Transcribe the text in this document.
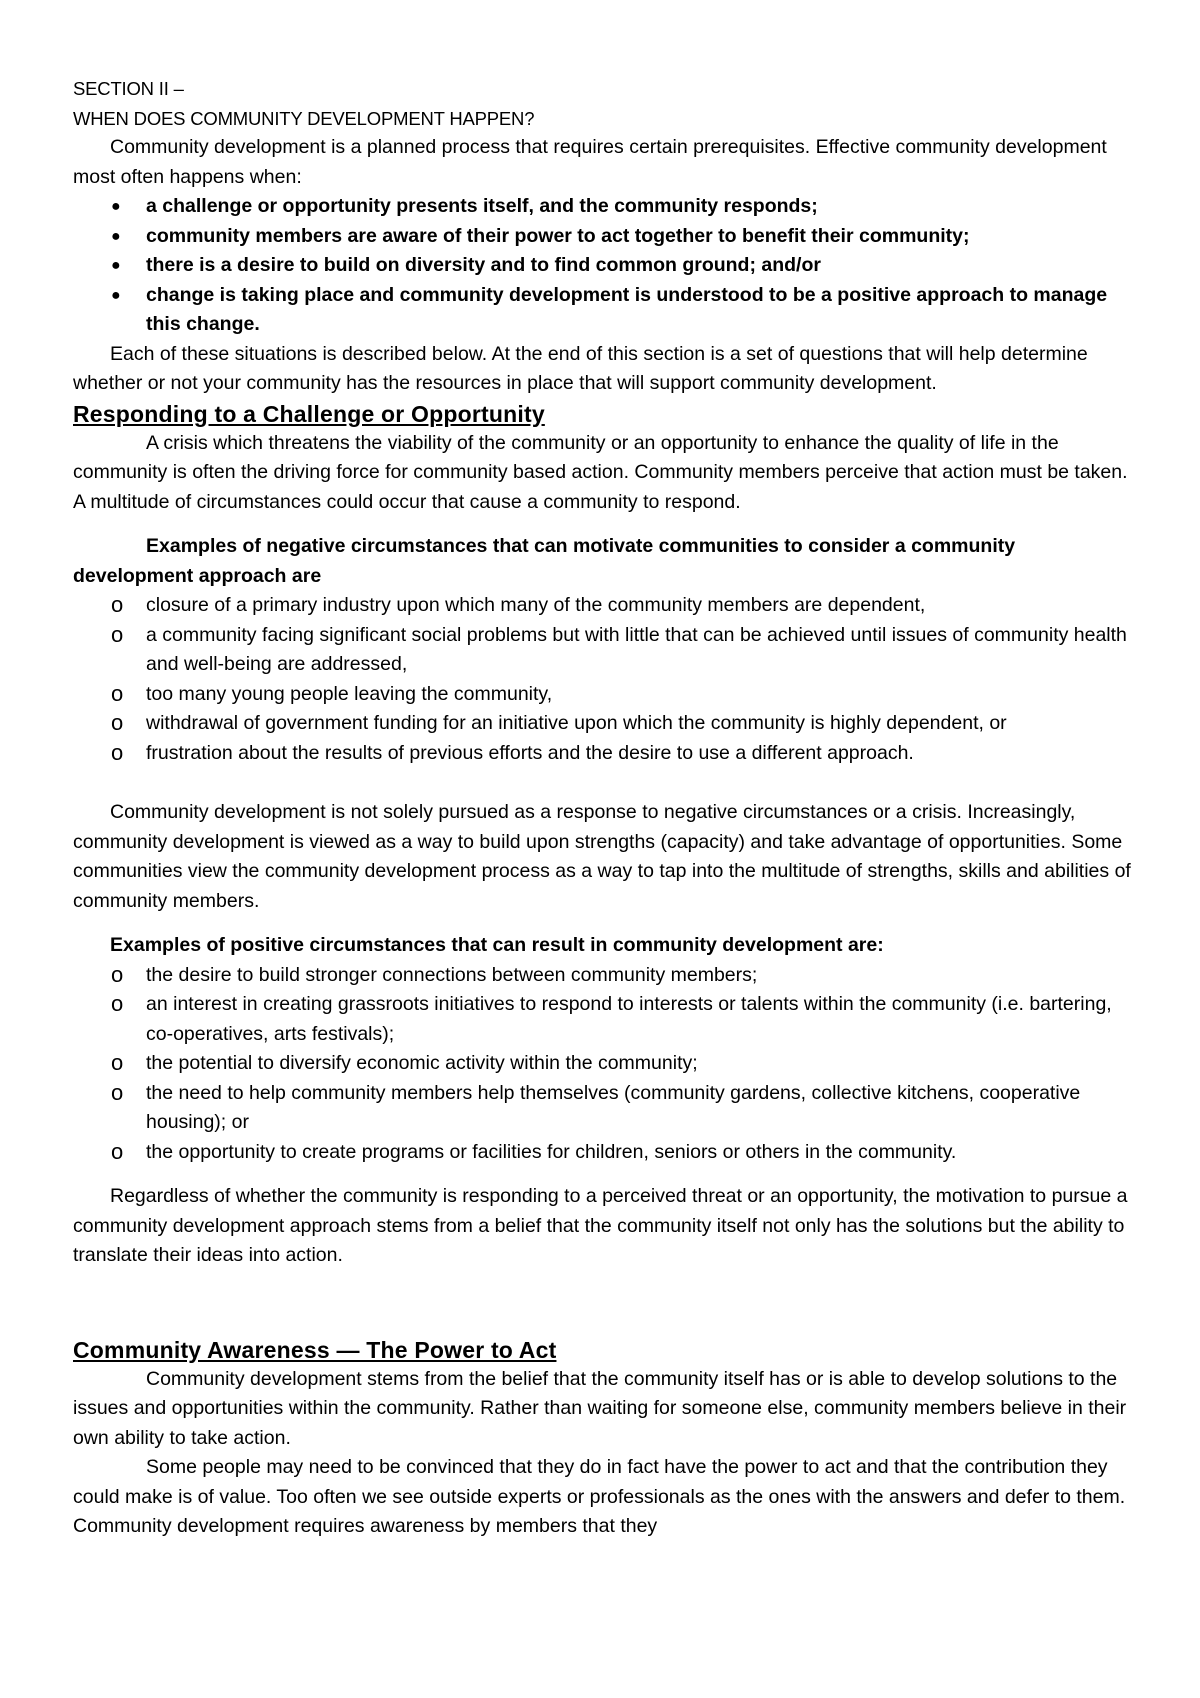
SECTION II –

WHEN DOES COMMUNITY DEVELOPMENT HAPPEN?

Community development is a planned process that requires certain prerequisites. Effective community development most often happens when:

●	a challenge or opportunity presents itself, and the community responds;
●	community members are aware of their power to act together to benefit their community;
●	there is a desire to build on diversity and to find common ground; and/or
●	change is taking place and community development is understood to be a positive approach to manage this change.

Each of these situations is described below. At the end of this section is a set of questions that will help determine whether or not your community has the resources in place that will support community development.

Responding to a Challenge or Opportunity

A crisis which threatens the viability of the community or an opportunity to enhance the quality of life in the community is often the driving force for community based action. Community members perceive that action must be taken. A multitude of circumstances could occur that cause a community to respond.

Examples of negative circumstances that can motivate communities to consider a community development approach are

o	closure of a primary industry upon which many of the community members are dependent,
o	a community facing significant social problems but with little that can be achieved until issues of community health and well-being are addressed,
o	too many young people leaving the community,
o	withdrawal of government funding for an initiative upon which the community is highly dependent, or
o	frustration about the results of previous efforts and the desire to use a different approach.

Community development is not solely pursued as a response to negative circumstances or a crisis. Increasingly, community development is viewed as a way to build upon strengths (capacity) and take advantage of opportunities. Some communities view the community development process as a way to tap into the multitude of strengths, skills and abilities of community members.

Examples of positive circumstances that can result in community development are:

o	the desire to build stronger connections between community members;
o	an interest in creating grassroots initiatives to respond to interests or talents within the community (i.e. bartering, co-operatives, arts festivals);
o	the potential to diversify economic activity within the community;
o	the need to help community members help themselves (community gardens, collective kitchens, cooperative housing); or
o	the opportunity to create programs or facilities for children, seniors or others in the community.

Regardless of whether the community is responding to a perceived threat or an opportunity, the motivation to pursue a community development approach stems from a belief that the community itself not only has the solutions but the ability to translate their ideas into action.

Community Awareness — The Power to Act

Community development stems from the belief that the community itself has or is able to develop solutions to the issues and opportunities within the community. Rather than waiting for someone else, community members believe in their own ability to take action.

Some people may need to be convinced that they do in fact have the power to act and that the contribution they could make is of value. Too often we see outside experts or professionals as the ones with the answers and defer to them. Community development requires awareness by members that they
